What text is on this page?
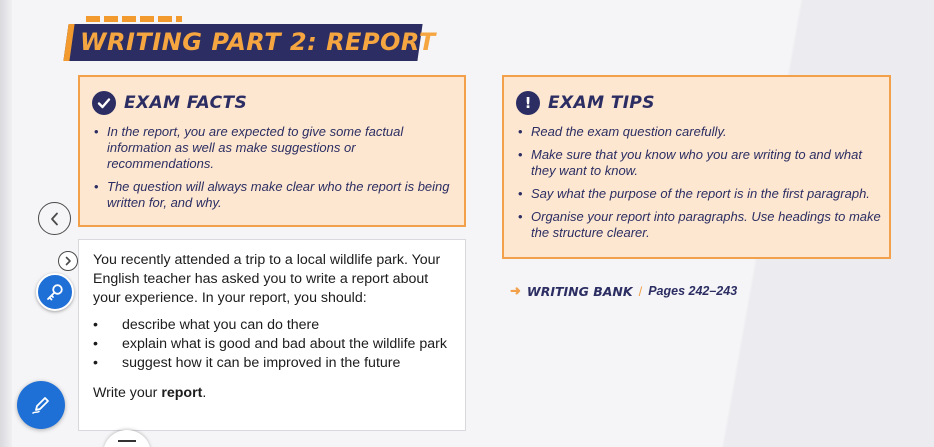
WRITING PART 2: REPORT
EXAM FACTS
• In the report, you are expected to give some factual information as well as make suggestions or recommendations.
• The question will always make clear who the report is being written for, and why.
! EXAM TIPS
• Read the exam question carefully.
• Make sure that you know who you are writing to and what they want to know.
• Say what the purpose of the report is in the first paragraph.
• Organise your report into paragraphs. Use headings to make the structure clearer.
You recently attended a trip to a local wildlife park. Your English teacher has asked you to write a report about your experience. In your report, you should:
• describe what you can do there
• explain what is good and bad about the wildlife park
• suggest how it can be improved in the future
Write your report.
➜ WRITING BANK / Pages 242–243
